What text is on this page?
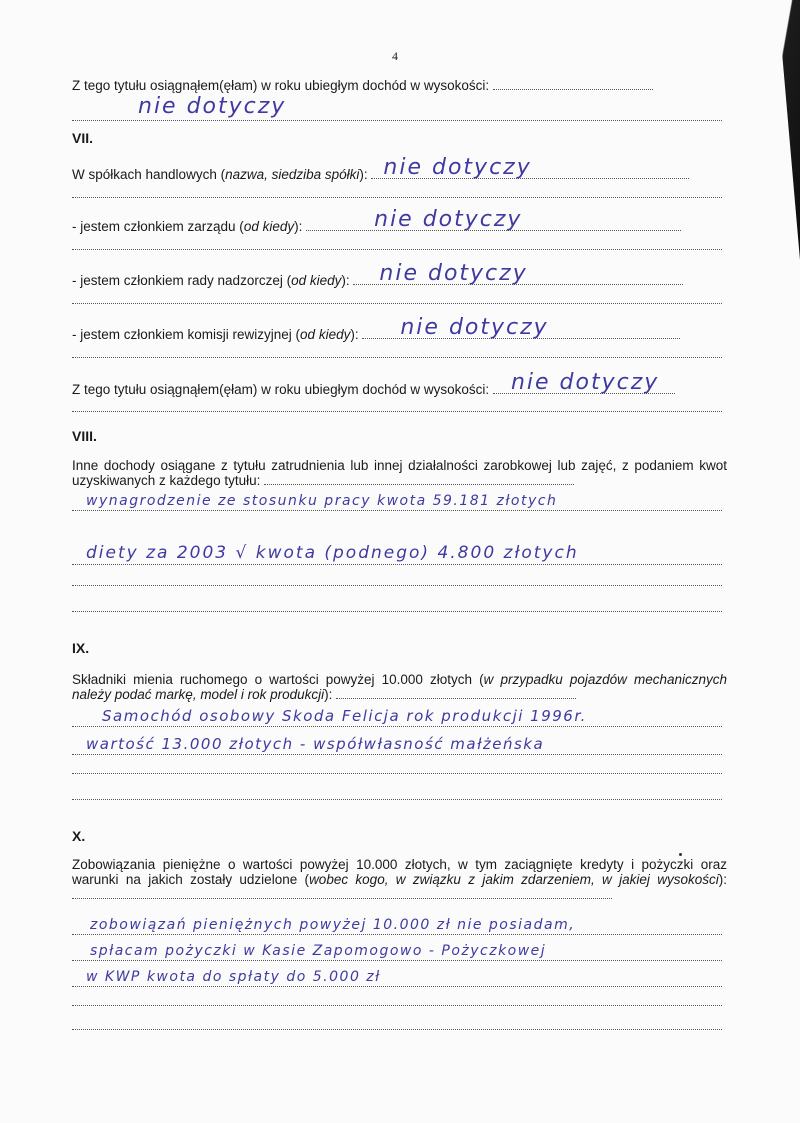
4
Z tego tytułu osiągnąłem(ęłam) w roku ubiegłym dochód w wysokości:
nie dotyczy
VII.
W spółkach handlowych (nazwa, siedziba spółki): nie dotyczy
- jestem członkiem zarządu (od kiedy):	nie dotyczy
- jestem członkiem rady nadzorczej (od kiedy): nie dotyczy
- jestem członkiem komisji rewizyjnej (od kiedy): nie dotyczy
Z tego tytułu osiągnąłem(ęłam) w roku ubiegłym dochód w wysokości: nie dotyczy
VIII.
Inne dochody osiągane z tytułu zatrudnienia lub innej działalności zarobkowej lub zajęć, z podaniem kwot uzyskiwanych z każdego tytułu:
wynagrodzenie ze stosunku pracy kwota 59.181 złotych
diety za 2003 √ kwota (podnego) 4.800 złotych
IX.
Składniki mienia ruchomego o wartości powyżej 10.000 złotych (w przypadku pojazdów mechanicznych należy podać markę, model i rok produkcji):
Samochód osobowy Skoda Felicja rok produkcji 1996r.
wartość 13.000 złotych - współwłasność małżeńska
X.
Zobowiązania pieniężne o wartości powyżej 10.000 złotych, w tym zaciągnięte kredyty i pożyczki oraz warunki na jakich zostały udzielone (wobec kogo, w związku z jakim zdarzeniem, w jakiej wysokości):
zobowiązań pieniężnych powyżej 10.000 zł nie posiadam,
spłacam pożyczki w Kasie Zapomogowo - Pożyczkowej
w KWP kwota do spłaty do 5.000 zł
